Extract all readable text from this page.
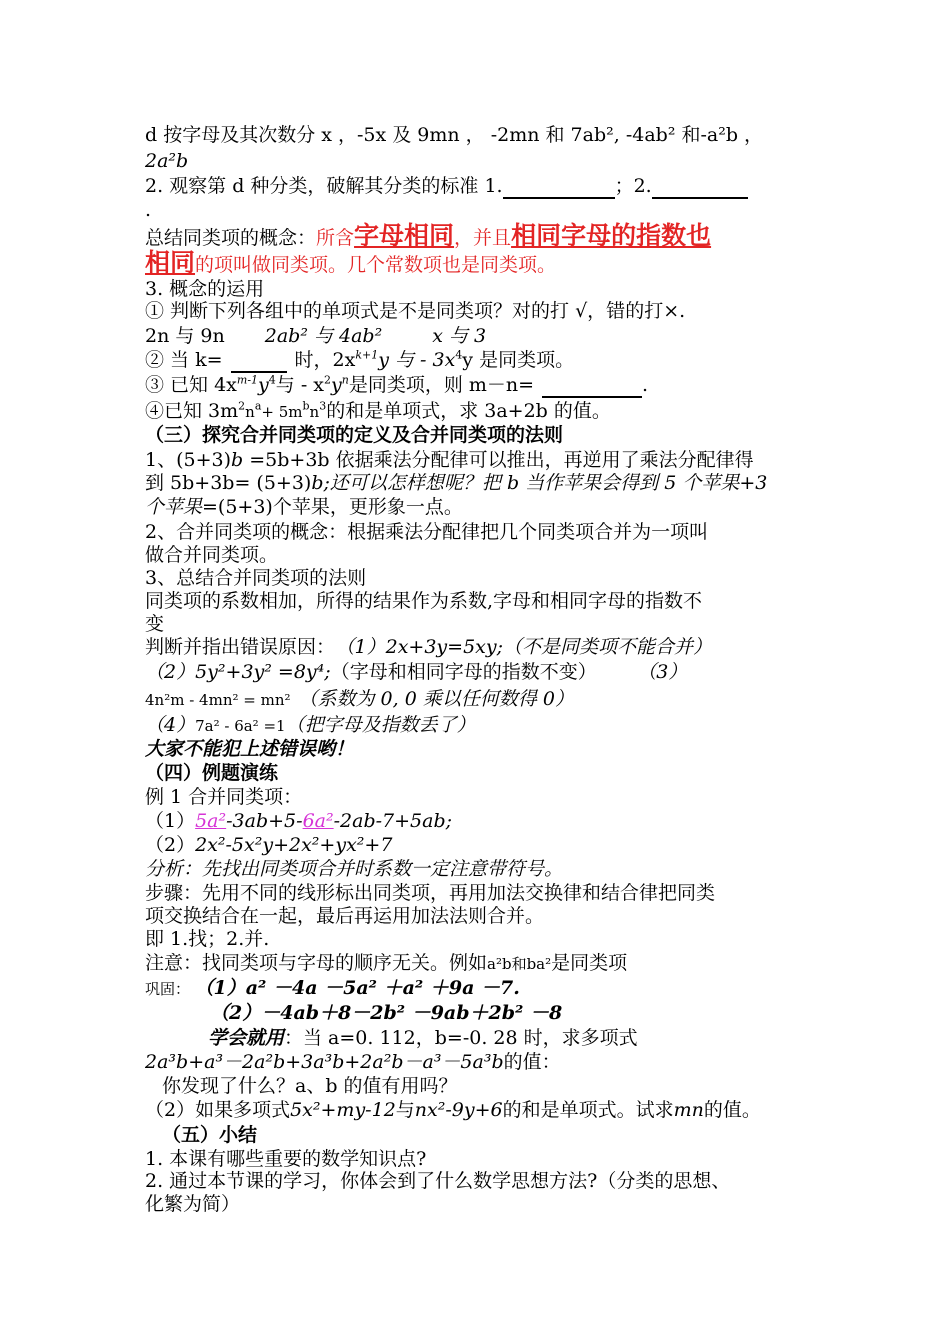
d 按字母及其次数分 x ，-5x 及 9mn ， -2mn 和 7ab², -4ab² 和-a²b ，
2a²b
2. 观察第 d 种分类，破解其分类的标准 1.	；2.
.
总结同类项的概念：所含字母相同，并且相同字母的指数也
相同的项叫做同类项。几个常数项也是同类项。
3. 概念的运用
① 判断下列各组中的单项式是不是同类项？对的打 √，错的打×.
2n 与 9n 2ab² 与 4ab²	x 与 3
② 当 k=	时，$2x^{k+1}y$ 与 - $3x^4y$ 是同类项。
③ 已知 $4x^{m-1}y^4$与 - $x^2y^n$是同类项，则 m－n=	.
④已知 $3m^2n^a+ 5m^bn^3$的和是单项式，求 3a+2b 的值。
（三）探究合并同类项的定义及合并同类项的法则
1、(5+3)b =5b+3b 依据乘法分配律可以推出，再逆用了乘法分配律得
到 5b+3b= (5+3)b;还可以怎样想呢？把 b 当作苹果会得到 5 个苹果+3
个苹果=(5+3)个苹果，更形象一点。
2、合并同类项的概念：根据乘法分配律把几个同类项合并为一项叫
做合并同类项。
3、总结合并同类项的法则
同类项的系数相加，所得的结果作为系数,字母和相同字母的指数不
变
判断并指出错误原因： （1）2x+3y=5xy;（不是同类项不能合并）
（2）5y²+3y² =8y⁴;（字母和相同字母的指数不变）	（3）
4n²m - 4mn² = mn² （系数为 0, 0 乘以任何数得 0）
（4）7a² - 6a² =1（把字母及指数丢了）
大家不能犯上述错误哟！
（四）例题演练
例 1 合并同类项：
（1）5a²-3ab+5-6a²-2ab-7+5ab;
（2）2x²-5x²y+2x²+yx²+7
分析：先找出同类项合并时系数一定注意带符号。
步骤：先用不同的线形标出同类项，再用加法交换律和结合律把同类
项交换结合在一起，最后再运用加法法则合并。
即 1.找；2.并.
注意：找同类项与字母的顺序无关。例如a²b和ba²是同类项
巩固： （1）a² －4a －5a² ＋a² ＋9a －7.
（2）－4ab＋8－2b² －9ab＋2b² －8
学会就用：当 a=0. 112，b=-0. 28 时，求多项式
2a³b+a³－2a²b+3a³b+2a²b－a³－5a³b的值：
你发现了什么？a、b 的值有用吗？
（2）如果多项式5x²+my-12与nx²-9y+6的和是单项式。试求mn的值。
（五）小结
1. 本课有哪些重要的数学知识点?
2. 通过本节课的学习，你体会到了什么数学思想方法?（分类的思想、
化繁为简）
